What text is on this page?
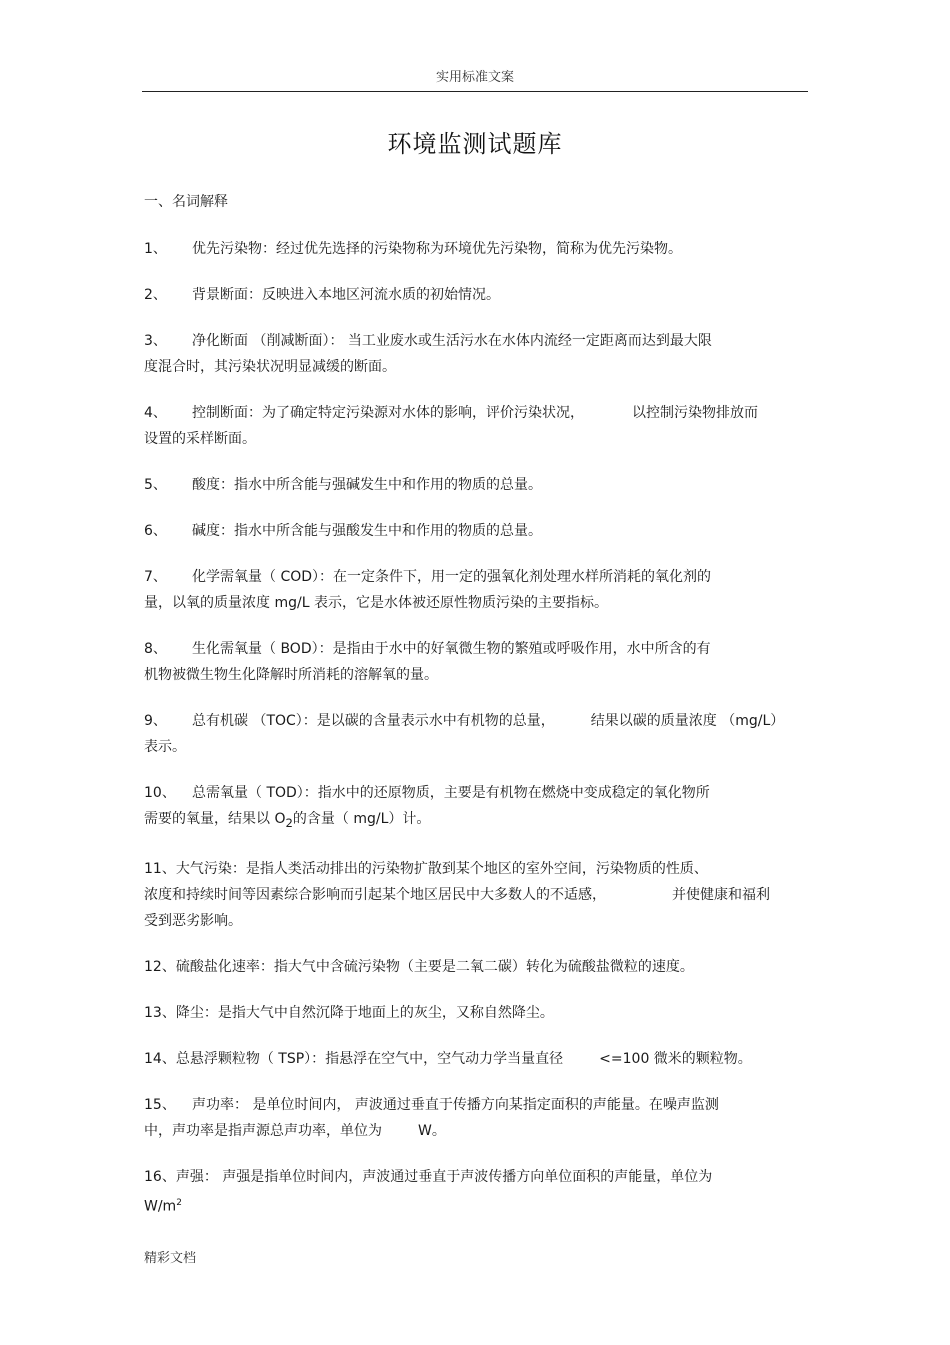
实用标准文案
环境监测试题库
一、名词解释
1、 优先污染物：经过优先选择的污染物称为环境优先污染物，简称为优先污染物。
2、 背景断面：反映进入本地区河流水质的初始情况。
3、 净化断面 （削减断面）： 当工业废水或生活污水在水体内流经一定距离而达到最大限
度混合时，其污染状况明显减缓的断面。
4、 控制断面：为了确定特定污染源对水体的影响，评价污染状况，	以控制污染物排放而
设置的采样断面。
5、 酸度：指水中所含能与强碱发生中和作用的物质的总量。
6、 碱度：指水中所含能与强酸发生中和作用的物质的总量。
7、 化学需氧量（ COD）：在一定条件下，用一定的强氧化剂处理水样所消耗的氧化剂的
量，以氧的质量浓度 mg/L 表示，它是水体被还原性物质污染的主要指标。
8、 生化需氧量（ BOD）：是指由于水中的好氧微生物的繁殖或呼吸作用，水中所含的有
机物被微生物生化降解时所消耗的溶解氧的量。
9、 总有机碳 （TOC）：是以碳的含量表示水中有机物的总量，	结果以碳的质量浓度 （mg/L）
表示。
10、 总需氧量（ TOD）：指水中的还原物质，主要是有机物在燃烧中变成稳定的氧化物所
需要的氧量，结果以 $O_2$的含量（ mg/L）计。
11、大气污染：是指人类活动排出的污染物扩散到某个地区的室外空间，污染物质的性质、
浓度和持续时间等因素综合影响而引起某个地区居民中大多数人的不适感，	并使健康和福利
受到恶劣影响。
12、硫酸盐化速率：指大气中含硫污染物（主要是二氧二碳）转化为硫酸盐微粒的速度。
13、降尘：是指大气中自然沉降于地面上的灰尘，又称自然降尘。
14、总悬浮颗粒物（ TSP）：指悬浮在空气中，空气动力学当量直径	<=100 微米的颗粒物。
15、 声功率： 是单位时间内， 声波通过垂直于传播方向某指定面积的声能量。在噪声监测
中，声功率是指声源总声功率，单位为	W。
16、声强： 声强是指单位时间内，声波通过垂直于声波传播方向单位面积的声能量，单位为
$W/m^2$
精彩文档
